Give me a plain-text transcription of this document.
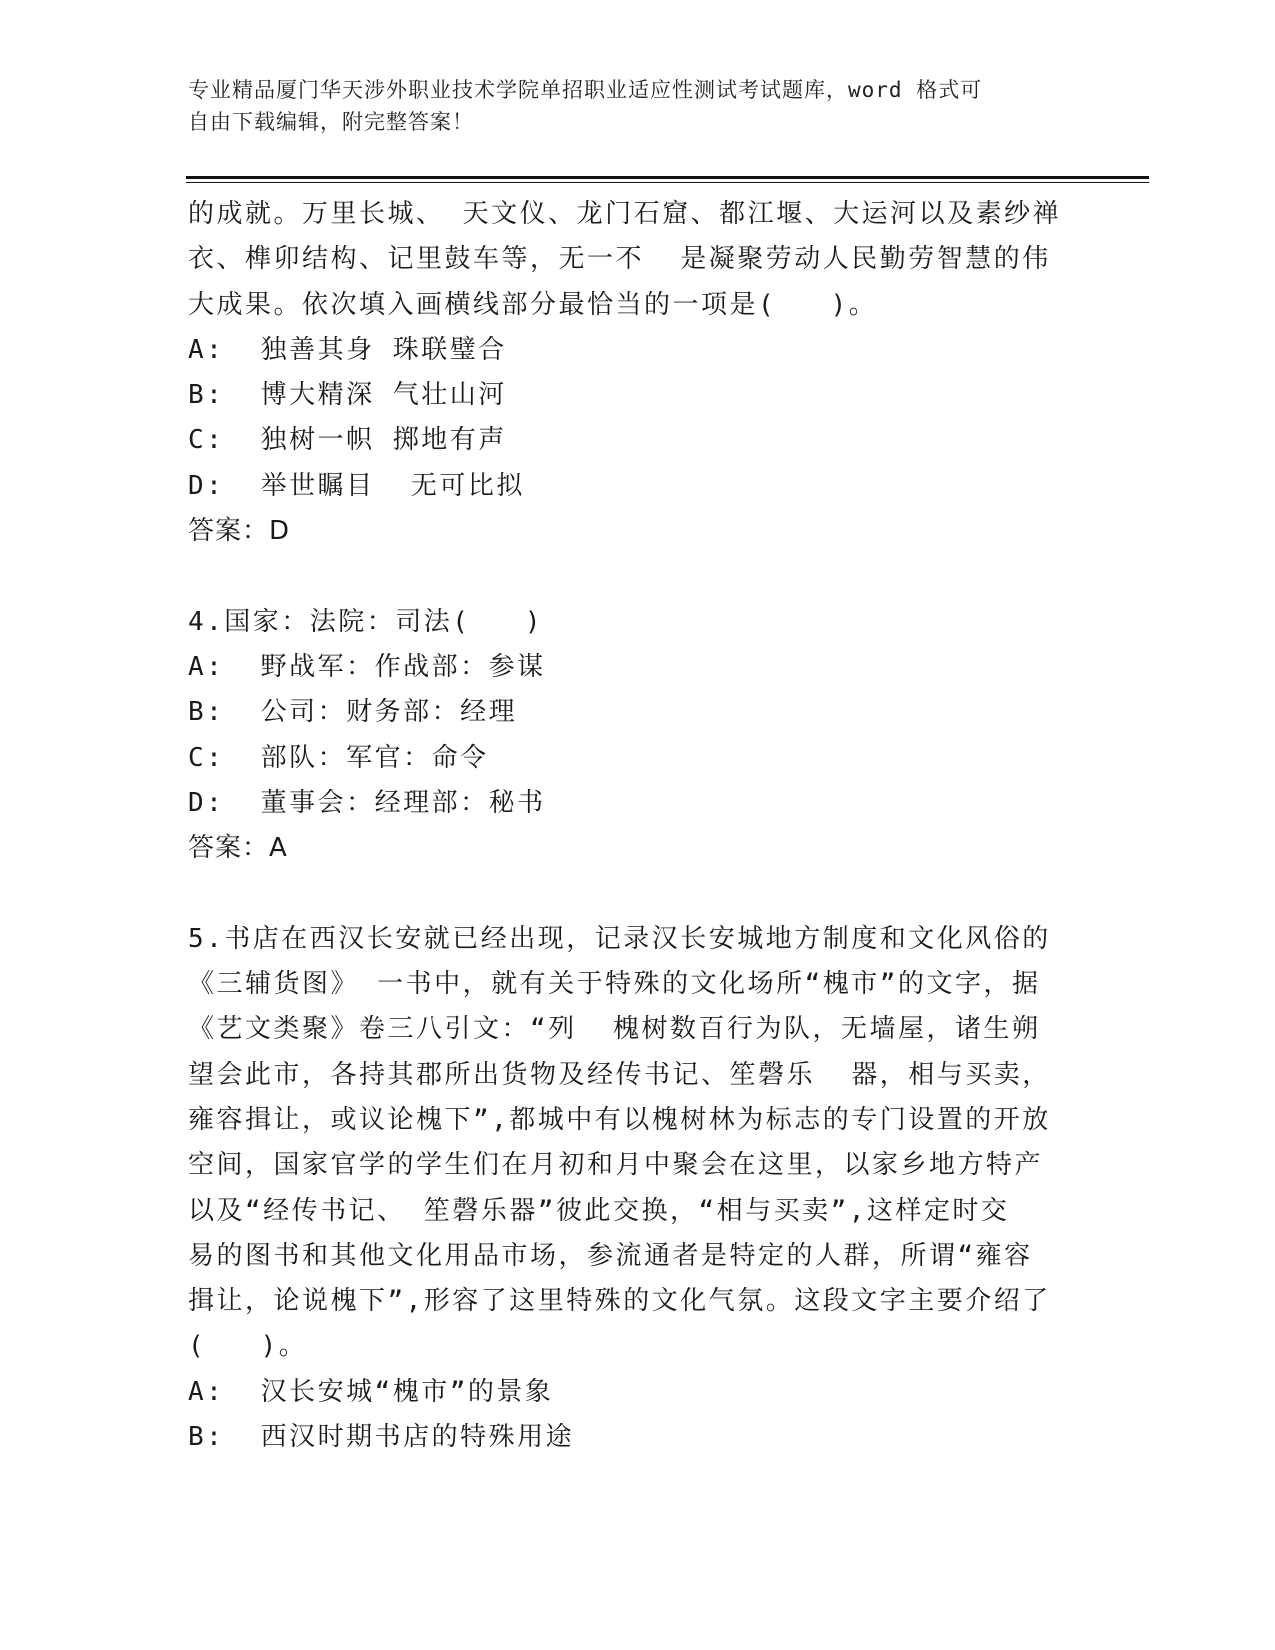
专业精品厦门华天涉外职业技术学院单招职业适应性测试考试题库，word 格式可
自由下载编辑，附完整答案！
的成就。万里长城、 天文仪、龙门石窟、都江堰、大运河以及素纱禅
衣、榫卯结构、记里鼓车等，无一不  是凝聚劳动人民勤劳智慧的伟
大成果。依次填入画横线部分最恰当的一项是(   )。
A:  独善其身 珠联璧合
B:  博大精深 气壮山河
C:  独树一帜 掷地有声
D:  举世瞩目  无可比拟
答案：D
4.国家：法院：司法(   )
A:  野战军：作战部：参谋
B:  公司：财务部：经理
C:  部队：军官：命令
D:  董事会：经理部：秘书
答案：A
5.书店在西汉长安就已经出现，记录汉长安城地方制度和文化风俗的
《三辅货图》 一书中，就有关于特殊的文化场所“槐市”的文字，据
《艺文类聚》卷三八引文：“列  槐树数百行为队，无墙屋，诸生朔
望会此市，各持其郡所出货物及经传书记、笙磬乐  器，相与买卖，
雍容揖让，或议论槐下”,都城中有以槐树林为标志的专门设置的开放
空间，国家官学的学生们在月初和月中聚会在这里，以家乡地方特产
以及“经传书记、 笙磬乐器”彼此交换，“相与买卖”,这样定时交
易的图书和其他文化用品市场，参流通者是特定的人群，所谓“雍容
揖让，论说槐下”,形容了这里特殊的文化气氛。这段文字主要介绍了
(   )。
A:  汉长安城“槐市”的景象
B:  西汉时期书店的特殊用途
